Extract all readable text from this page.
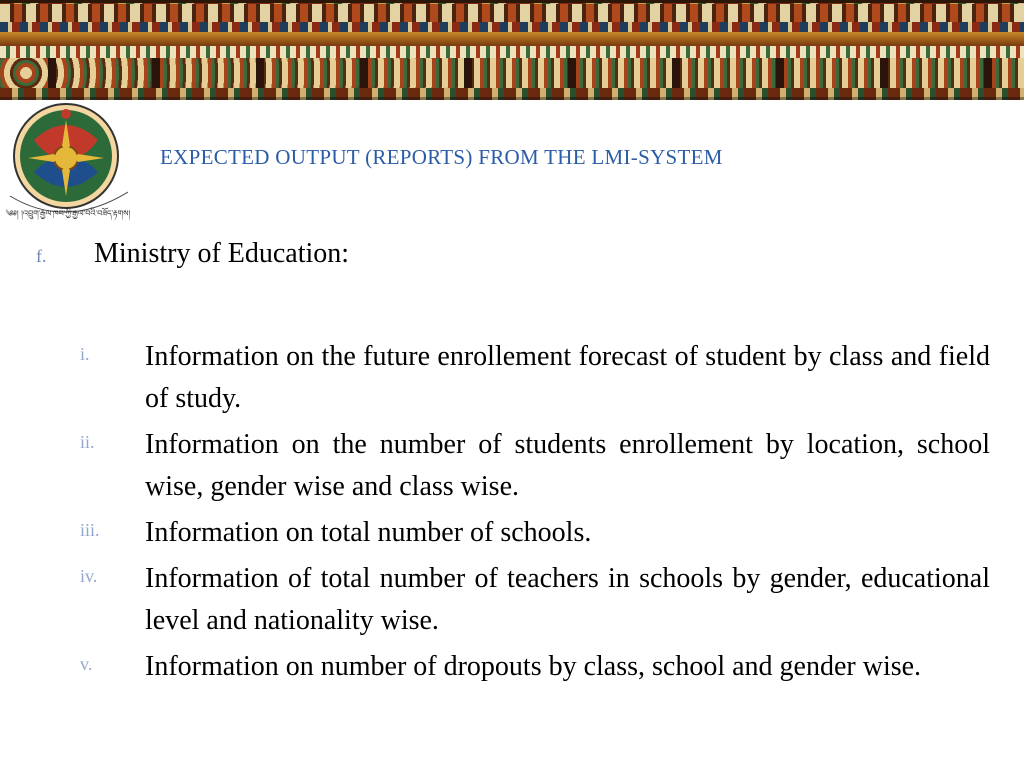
༄༅། །འབྲུག་རྒྱལ་ཁབ་ཀྱི་རྒྱལ་བའི་བཟོད་རྟགས།
EXPECTED OUTPUT (REPORTS) FROM THE LMI-SYSTEM
f.	Ministry of Education:
i.	Information on the future enrollement forecast of student by class and field of study.
ii.	Information on the number of students enrollement by location, school wise, gender wise and class wise.
iii.	Information on total number of schools.
iv.	Information of total number of teachers in schools by gender, educational level and nationality wise.
v.	Information on number of dropouts by class, school and gender wise.
